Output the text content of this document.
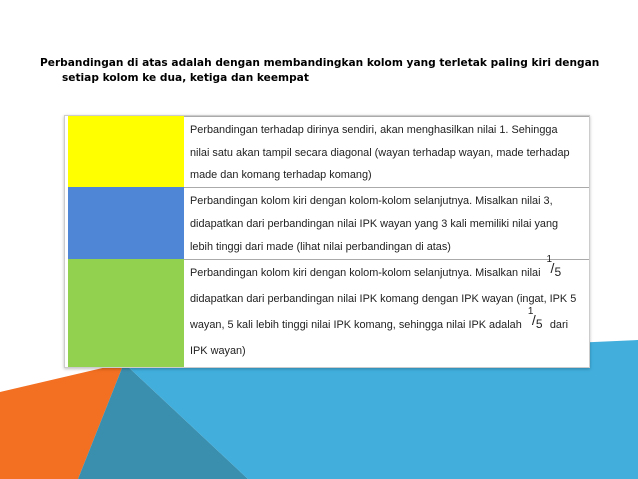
Perbandingan di atas adalah dengan membandingkan kolom yang terletak paling kiri dengan
setiap kolom ke dua, ketiga dan keempat
Perbandingan terhadap dirinya sendiri, akan menghasilkan nilai 1. Sehingga
nilai satu akan tampil secara diagonal (wayan terhadap wayan, made terhadap
made dan komang terhadap komang)
Perbandingan kolom kiri dengan kolom-kolom selanjutnya. Misalkan nilai 3,
didapatkan dari perbandingan nilai IPK wayan yang 3 kali memiliki nilai yang
lebih tinggi dari made (lihat nilai perbandingan di atas)
Perbandingan kolom kiri dengan kolom-kolom selanjutnya. Misalkan nilai
1
/ 5
didapatkan dari perbandingan nilai IPK komang dengan IPK wayan (ingat, IPK 5
wayan, 5 kali lebih tinggi nilai IPK komang, sehingga nilai IPK adalah
1
/ 5 dari
IPK wayan)
